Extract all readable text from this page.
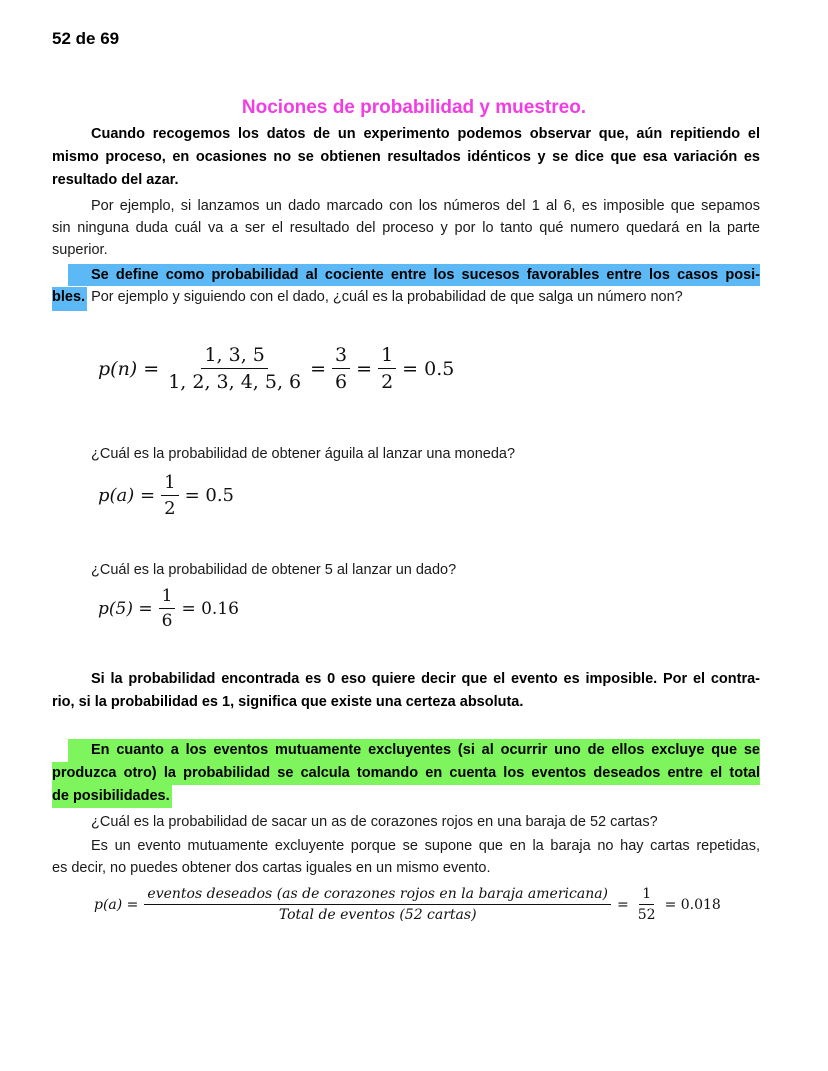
52 de 69
Nociones de probabilidad y muestreo.
Cuando recogemos los datos de un experimento podemos observar que, aún repitiendo el
mismo proceso, en ocasiones no se obtienen resultados idénticos y se dice que esa variación es
resultado del azar.
Por ejemplo, si lanzamos un dado marcado con los números del 1 al 6, es imposible que sepamos
sin ninguna duda cuál va a ser el resultado del proceso y por lo tanto qué numero quedará en la parte
superior.
Se define como probabilidad al cociente entre los sucesos favorables entre los casos posi-
bles. Por ejemplo y siguiendo con el dado, ¿cuál es la probabilidad de que salga un número non?
$p(n) = \frac{1, 3, 5}{1, 2, 3, 4, 5, 6} = \frac{3}{6} = \frac{1}{2} = 0.5$
¿Cuál es la probabilidad de obtener águila al lanzar una moneda?
$p(a) = \frac{1}{2} = 0.5$
¿Cuál es la probabilidad de obtener 5 al lanzar un dado?
$p(5) = \frac{1}{6} = 0.16$
Si la probabilidad encontrada es 0 eso quiere decir que el evento es imposible. Por el contra-
rio, si la probabilidad es 1, significa que existe una certeza absoluta.
En cuanto a los eventos mutuamente excluyentes (si al ocurrir uno de ellos excluye que se
produzca otro) la probabilidad se calcula tomando en cuenta los eventos deseados entre el total
de posibilidades.
¿Cuál es la probabilidad de sacar un as de corazones rojos en una baraja de 52 cartas?
Es un evento mutuamente excluyente porque se supone que en la baraja no hay cartas repetidas,
es decir, no puedes obtener dos cartas iguales en un mismo evento.
p(a) =
eventos deseados (as de corazones rojos en la baraja americana)
Total de eventos (52 cartas)
= $\frac{1}{52} = 0.018$
